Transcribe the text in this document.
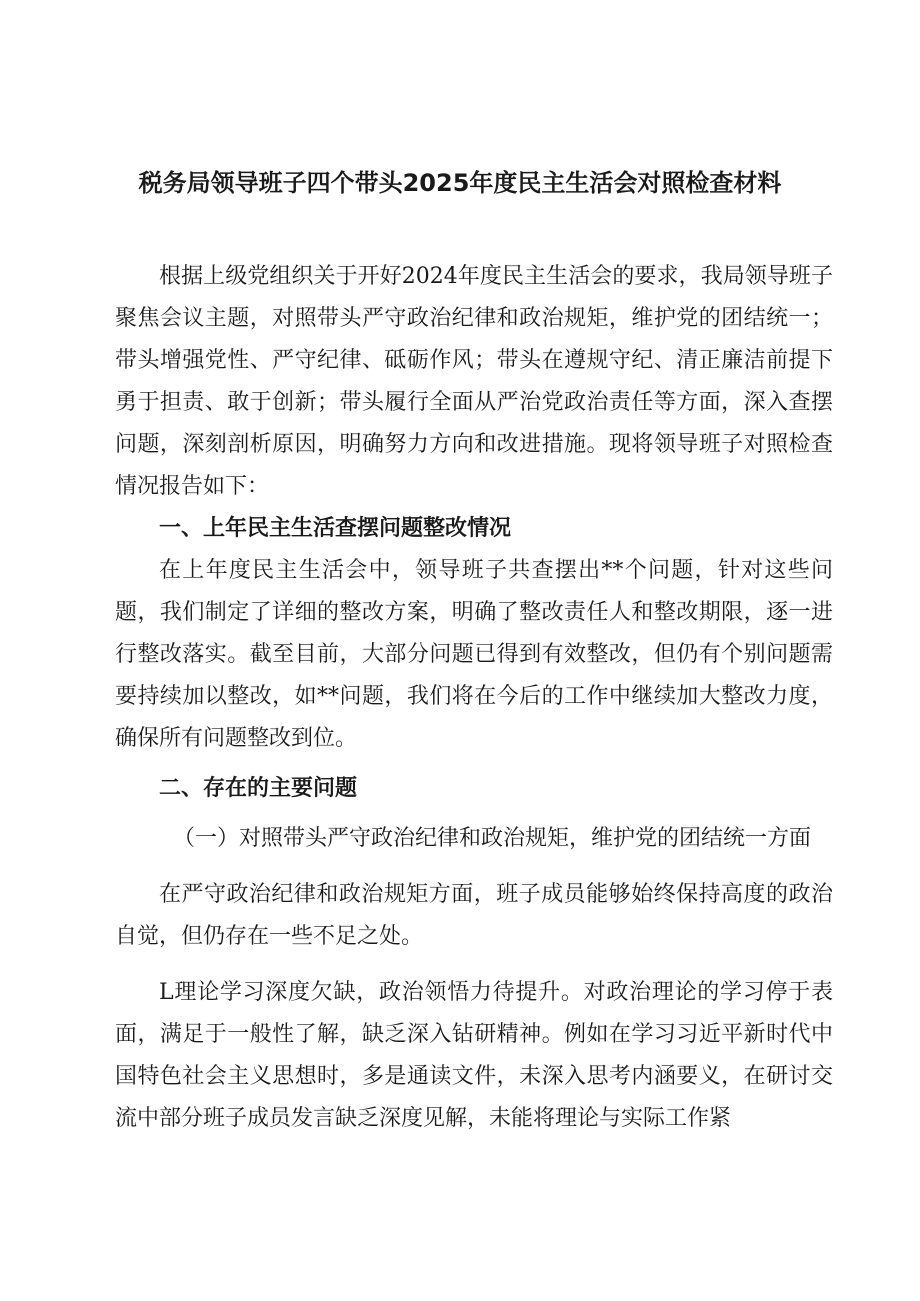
税务局领导班子四个带头2025年度民主生活会对照检查材料

根据上级党组织关于开好2024年度民主生活会的要求，我局领导班子聚焦会议主题，对照带头严守政治纪律和政治规矩，维护党的团结统一；带头增强党性、严守纪律、砥砺作风；带头在遵规守纪、清正廉洁前提下勇于担责、敢于创新；带头履行全面从严治党政治责任等方面，深入查摆问题，深刻剖析原因，明确努力方向和改进措施。现将领导班子对照检查情况报告如下：

一、上年民主生活查摆问题整改情况

在上年度民主生活会中，领导班子共查摆出**个问题，针对这些问题，我们制定了详细的整改方案，明确了整改责任人和整改期限，逐一进行整改落实。截至目前，大部分问题已得到有效整改，但仍有个别问题需要持续加以整改，如**问题，我们将在今后的工作中继续加大整改力度，确保所有问题整改到位。

二、存在的主要问题

（一）对照带头严守政治纪律和政治规矩，维护党的团结统一方面

在严守政治纪律和政治规矩方面，班子成员能够始终保持高度的政治自觉，但仍存在一些不足之处。

L理论学习深度欠缺，政治领悟力待提升。对政治理论的学习停于表面，满足于一般性了解，缺乏深入钻研精神。例如在学习习近平新时代中国特色社会主义思想时，多是通读文件，未深入思考内涵要义，在研讨交流中部分班子成员发言缺乏深度见解，未能将理论与实际工作紧
